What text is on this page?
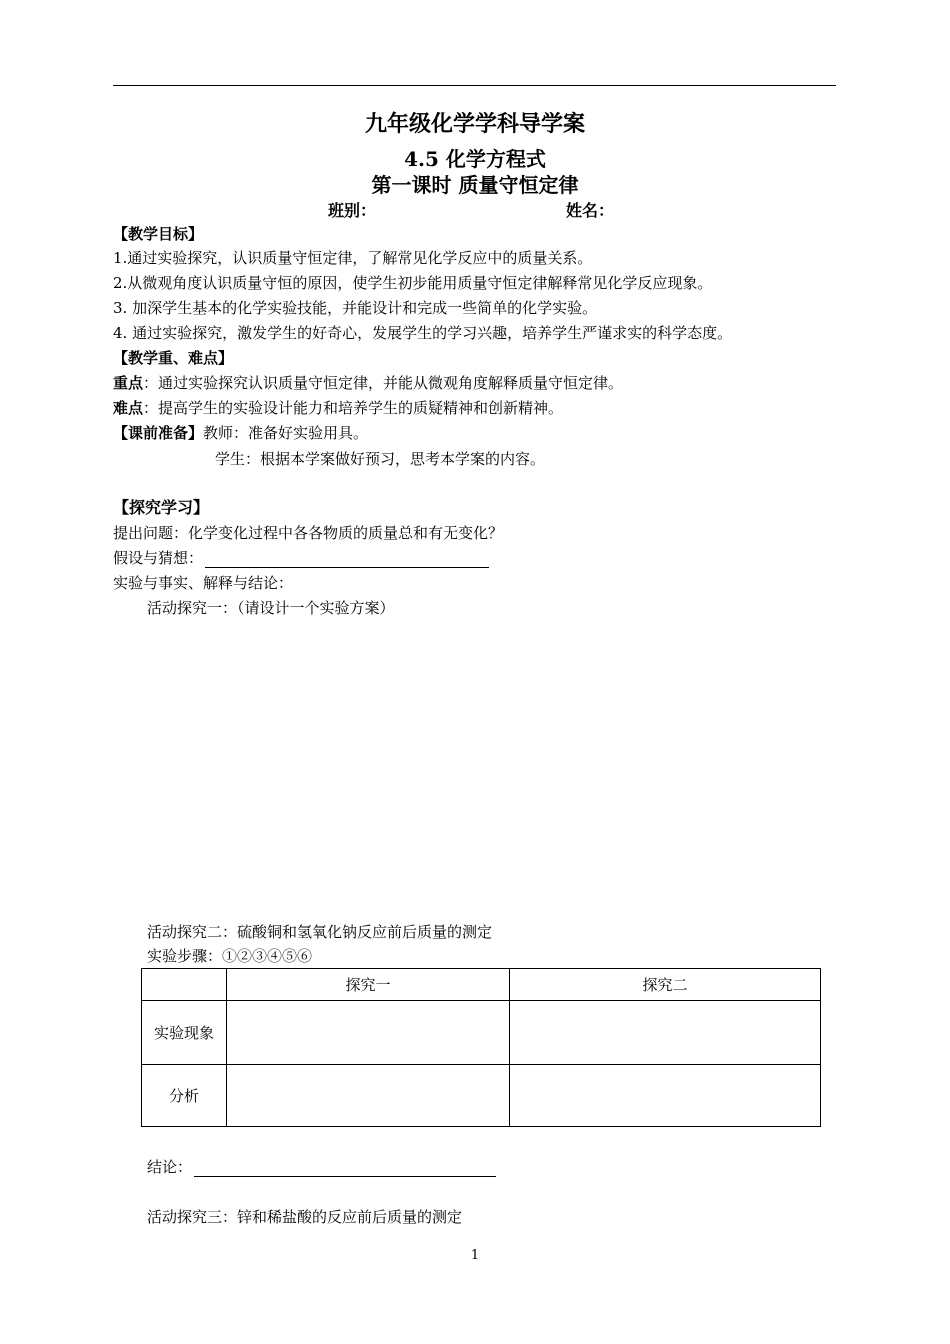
九年级化学学科导学案
4.5 化学方程式
第一课时 质量守恒定律
班别：	姓名：
【教学目标】
1.通过实验探究，认识质量守恒定律，了解常见化学反应中的质量关系。
2.从微观角度认识质量守恒的原因，使学生初步能用质量守恒定律解释常见化学反应现象。
3. 加深学生基本的化学实验技能，并能设计和完成一些简单的化学实验。
4. 通过实验探究，激发学生的好奇心，发展学生的学习兴趣，培养学生严谨求实的科学态度。
【教学重、难点】
重点：通过实验探究认识质量守恒定律，并能从微观角度解释质量守恒定律。
难点：提高学生的实验设计能力和培养学生的质疑精神和创新精神。
【课前准备】教师：准备好实验用具。
学生：根据本学案做好预习，思考本学案的内容。
【探究学习】
提出问题：化学变化过程中各各物质的质量总和有无变化？
假设与猜想：
实验与事实、解释与结论：
活动探究一：（请设计一个实验方案）
活动探究二：硫酸铜和氢氧化钠反应前后质量的测定
实验步骤：①②③④⑤⑥
	探究一	探究二
实验现象		
分析		
结论：
活动探究三：锌和稀盐酸的反应前后质量的测定
1
